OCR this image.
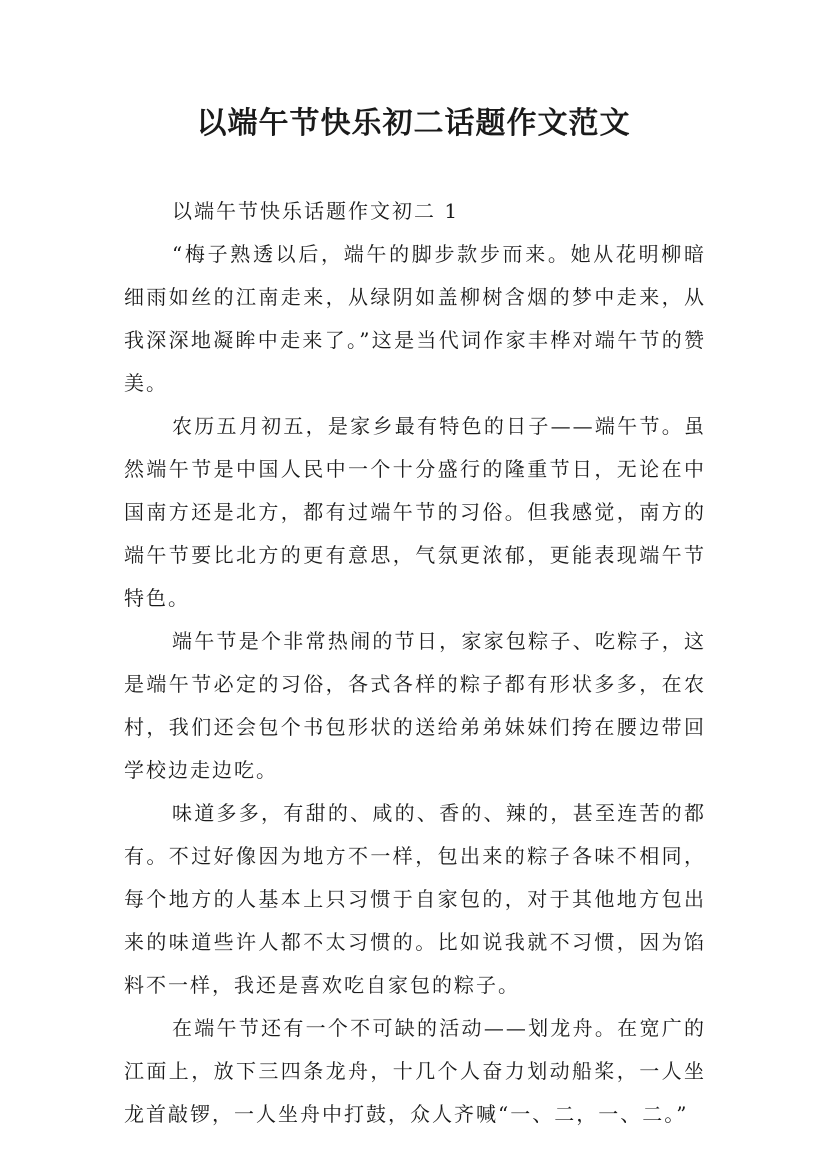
以端午节快乐初二话题作文范文

以端午节快乐话题作文初二 1

“梅子熟透以后，端午的脚步款步而来。她从花明柳暗细雨如丝的江南走来，从绿阴如盖柳树含烟的梦中走来，从我深深地凝眸中走来了。”这是当代词作家丰桦对端午节的赞美。

农历五月初五，是家乡最有特色的日子——端午节。虽然端午节是中国人民中一个十分盛行的隆重节日，无论在中国南方还是北方，都有过端午节的习俗。但我感觉，南方的端午节要比北方的更有意思，气氛更浓郁，更能表现端午节特色。

端午节是个非常热闹的节日，家家包粽子、吃粽子，这是端午节必定的习俗，各式各样的粽子都有形状多多，在农村，我们还会包个书包形状的送给弟弟妹妹们挎在腰边带回学校边走边吃。

味道多多，有甜的、咸的、香的、辣的，甚至连苦的都有。不过好像因为地方不一样，包出来的粽子各味不相同，每个地方的人基本上只习惯于自家包的，对于其他地方包出来的味道些许人都不太习惯的。比如说我就不习惯，因为馅料不一样，我还是喜欢吃自家包的粽子。

在端午节还有一个不可缺的活动——划龙舟。在宽广的江面上，放下三四条龙舟，十几个人奋力划动船桨，一人坐龙首敲锣，一人坐舟中打鼓，众人齐喊“一、二，一、二。”
